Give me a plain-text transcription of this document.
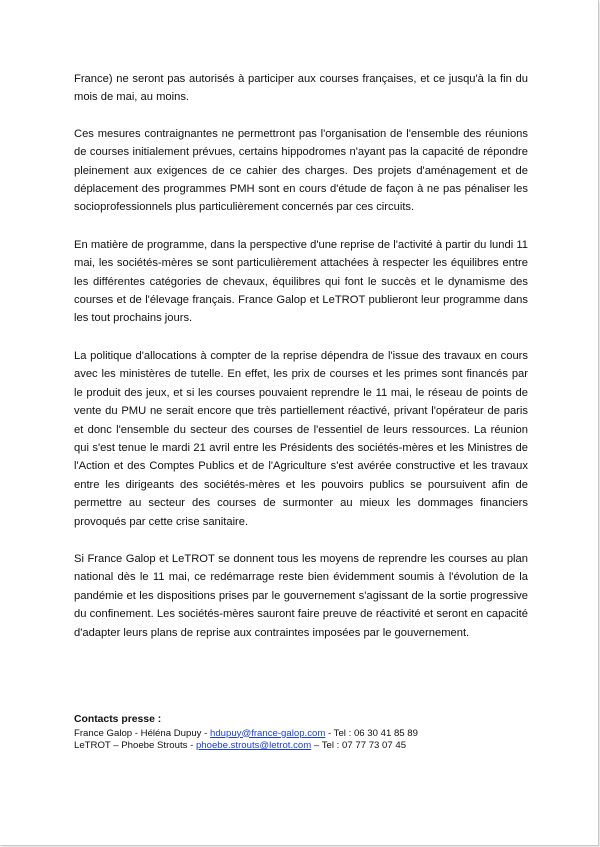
France) ne seront pas autorisés à participer aux courses françaises, et ce jusqu'à la fin du mois de mai, au moins.

Ces mesures contraignantes ne permettront pas l'organisation de l'ensemble des réunions de courses initialement prévues, certains hippodromes n'ayant pas la capacité de répondre pleinement aux exigences de ce cahier des charges. Des projets d'aménagement et de déplacement des programmes PMH sont en cours d'étude de façon à ne pas pénaliser les socioprofessionnels plus particulièrement concernés par ces circuits.

En matière de programme, dans la perspective d'une reprise de l'activité à partir du lundi 11 mai, les sociétés-mères se sont particulièrement attachées à respecter les équilibres entre les différentes catégories de chevaux, équilibres qui font le succès et le dynamisme des courses et de l'élevage français. France Galop et LeTROT publieront leur programme dans les tout prochains jours.

La politique d'allocations à compter de la reprise dépendra de l'issue des travaux en cours avec les ministères de tutelle. En effet, les prix de courses et les primes sont financés par le produit des jeux, et si les courses pouvaient reprendre le 11 mai, le réseau de points de vente du PMU ne serait encore que très partiellement réactivé, privant l'opérateur de paris et donc l'ensemble du secteur des courses de l'essentiel de leurs ressources. La réunion qui s'est tenue le mardi 21 avril entre les Présidents des sociétés-mères et les Ministres de l'Action et des Comptes Publics et de l'Agriculture s'est avérée constructive et les travaux entre les dirigeants des sociétés-mères et les pouvoirs publics se poursuivent afin de permettre au secteur des courses de surmonter au mieux les dommages financiers provoqués par cette crise sanitaire.

Si France Galop et LeTROT se donnent tous les moyens de reprendre les courses au plan national dès le 11 mai, ce redémarrage reste bien évidemment soumis à l'évolution de la pandémie et les dispositions prises par le gouvernement s'agissant de la sortie progressive du confinement. Les sociétés-mères sauront faire preuve de réactivité et seront en capacité d'adapter leurs plans de reprise aux contraintes imposées par le gouvernement.

Contacts presse :
France Galop - Héléna Dupuy - hdupuy@france-galop.com - Tel : 06 30 41 85 89
LeTROT – Phoebe Strouts - phoebe.strouts@letrot.com – Tel : 07 77 73 07 45
